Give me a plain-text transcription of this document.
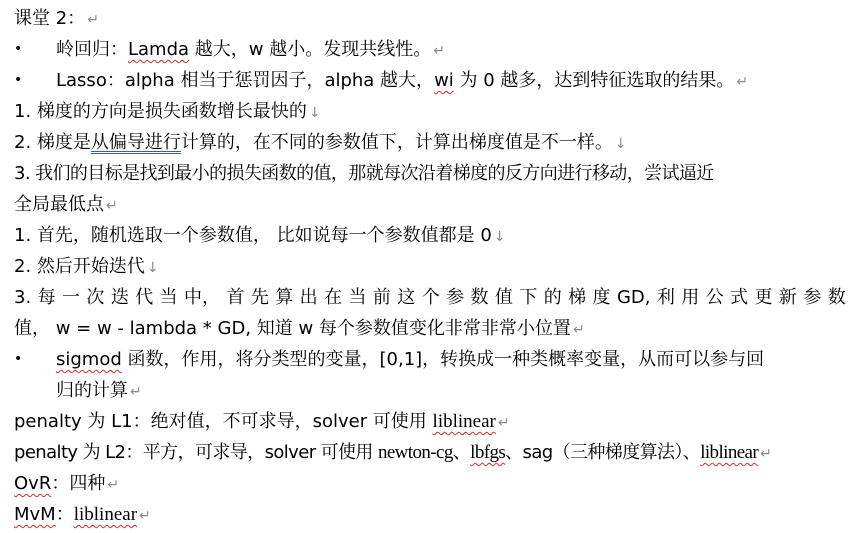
课堂 2： ↵
• 岭回归：Lamda 越大，w 越小。发现共线性。 ↵
• Lasso：alpha 相当于惩罚因子，alpha 越大，wi 为 0 越多，达到特征选取的结果。 ↵
1. 梯度的方向是损失函数增长最快的 ↓
2. 梯度是从偏导进行计算的，在不同的参数值下，计算出梯度值是不一样。 ↓
3. 我们的目标是找到最小的损失函数的值，那就每次沿着梯度的反方向进行移动，尝试逼近
全局最低点 ↵
1. 首先，随机选取一个参数值， 比如说每一个参数值都是 0 ↓
2. 然后开始迭代 ↓
3. 每 一 次 迭 代 当 中， 首 先 算 出 在 当 前 这 个 参 数 值 下 的 梯 度 GD, 利 用 公 式 更 新 参 数
值， w = w - lambda * GD, 知道 w 每个参数值变化非常非常小位置 ↵
• sigmod 函数，作用，将分类型的变量，[0,1]，转换成一种类概率变量，从而可以参与回
归的计算 ↵
penalty 为 L1：绝对值，不可求导，solver 可使用 liblinear ↵
penalty 为 L2：平方，可求导，solver 可使用 newton-cg、lbfgs、sag（三种梯度算法）、liblinear ↵
OvR：四种 ↵
MvM：liblinear ↵
